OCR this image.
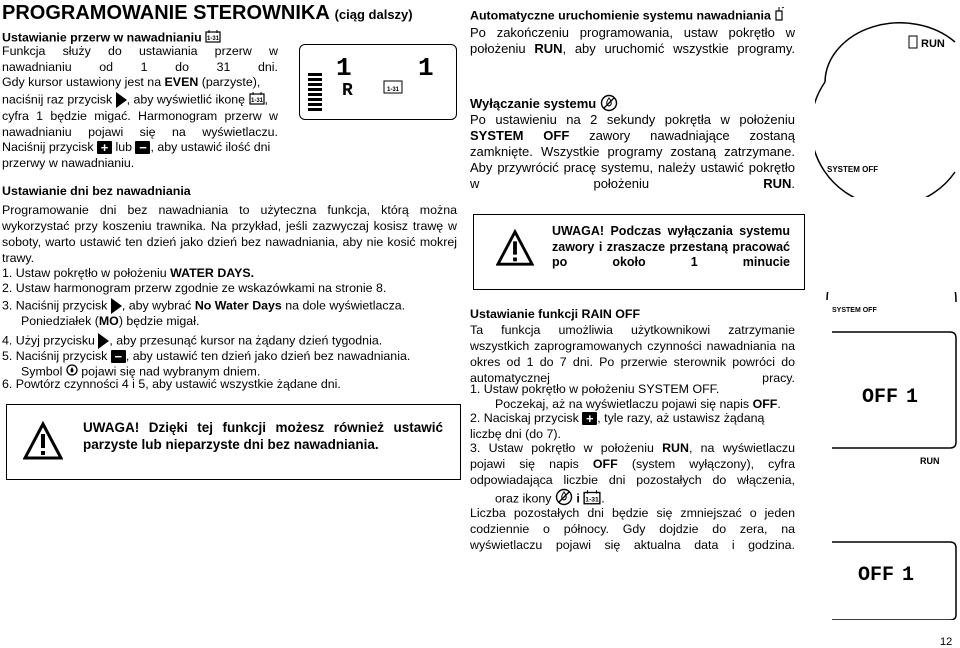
PROGRAMOWANIE STEROWNIKA (ciąg dalszy)
Ustawianie przerw w nawadnianiu 1-31
Funkcja służy do ustawiania przerw w nawadnianiu od 1 do 31 dni.
Gdy kursor ustawiony jest na EVEN (parzyste),
naciśnij raz przycisk , aby wyświetlić ikonę 1-31 ,
cyfra 1 będzie migać. Harmonogram przerw w nawadnianiu pojawi się na wyświetlaczu.
Naciśnij przycisk + lub − , aby ustawić ilość dni przerwy w nawadnianiu.
1	1
R	1-31
Ustawianie dni bez nawadniania
Programowanie dni bez nawadniania to użyteczna funkcja, którą można wykorzystać przy koszeniu trawnika. Na przykład, jeśli zazwyczaj kosisz trawę w soboty, warto ustawić ten dzień jako dzień bez nawadniania, aby nie kosić mokrej trawy.
1. Ustaw pokrętło w położeniu WATER DAYS.
2. Ustaw harmonogram przerw zgodnie ze wskazówkami na stronie 8.
3. Naciśnij przycisk , aby wybrać No Water Days na dole wyświetlacza.
Poniedziałek (MO) będzie migał.
4. Użyj przycisku , aby przesunąć kursor na żądany dzień tygodnia.
5. Naciśnij przycisk − , aby ustawić ten dzień jako dzień bez nawadniania.
Symbol pojawi się nad wybranym dniem.
6. Powtórz czynności 4 i 5, aby ustawić wszystkie żądane dni.
UWAGA! Dzięki tej funkcji możesz również ustawić parzyste lub nieparzyste dni bez nawadniania.
Automatyczne uruchomienie systemu nawadniania
Po zakończeniu programowania, ustaw pokrętło w położeniu RUN, aby uruchomić wszystkie programy.
Wyłączanie systemu
Po ustawieniu na 2 sekundy pokrętła w położeniu SYSTEM OFF zawory nawadniające zostaną zamknięte. Wszystkie programy zostaną zatrzymane. Aby przywrócić pracę systemu, należy ustawić pokrętło w położeniu	RUN.
UWAGA! Podczas wyłączania systemu zawory i zraszacze przestaną pracować po około 1 minucie
Ustawianie funkcji RAIN OFF
Ta funkcja umożliwia użytkownikowi zatrzymanie wszystkich zaprogramowanych czynności nawadniania na okres od 1 do 7 dni. Po przerwie sterownik powróci do automatycznej pracy.
1. Ustaw pokrętło w położeniu SYSTEM OFF.
Poczekaj, aż na wyświetlaczu pojawi się napis OFF.
2. Naciskaj przycisk + , tyle razy, aż ustawisz żądaną liczbę dni (do 7).
3. Ustaw pokrętło w położeniu RUN, na wyświetlaczu pojawi się napis OFF (system wyłączony), cyfra odpowiadająca liczbie dni pozostałych do włączenia,
oraz ikony i 1-31 .
Liczba pozostałych dni będzie się zmniejszać o jeden codziennie o północy. Gdy dojdzie do zera, na wyświetlaczu pojawi się aktualna data i godzina.
RUN
SYSTEM OFF
SYSTEM OFF
OFF 1
RUN
OFF 1
12
